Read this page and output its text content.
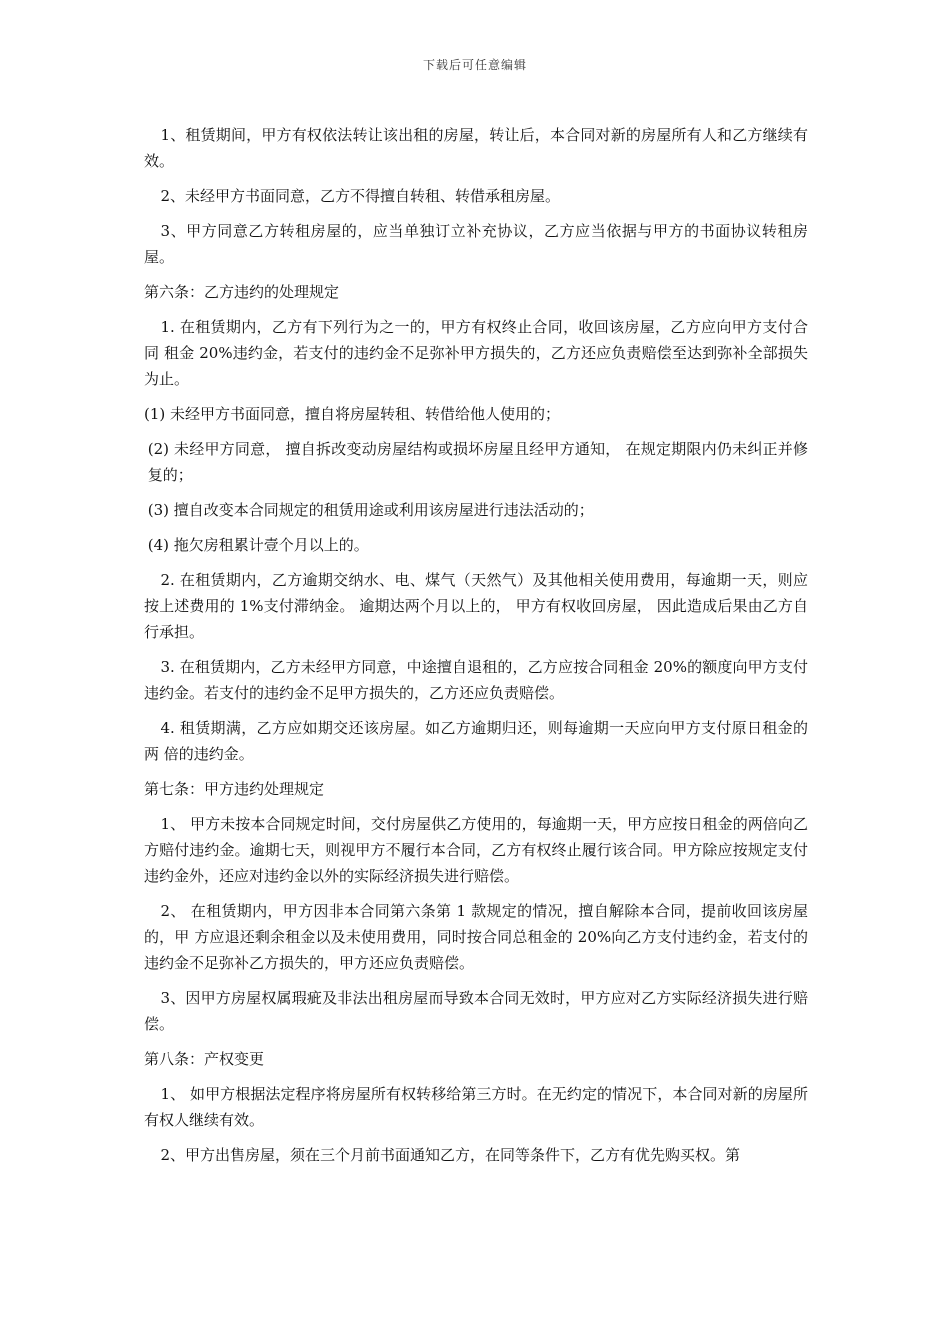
下载后可任意编辑

1、租赁期间，甲方有权依法转让该出租的房屋，转让后，本合同对新的房屋所有人和乙方继续有效。

2、未经甲方书面同意，乙方不得擅自转租、转借承租房屋。

3、甲方同意乙方转租房屋的，应当单独订立补充协议，乙方应当依据与甲方的书面协议转租房屋。

第六条：乙方违约的处理规定

1. 在租赁期内，乙方有下列行为之一的，甲方有权终止合同，收回该房屋，乙方应向甲方支付合同 租金 20%违约金，若支付的违约金不足弥补甲方损失的，乙方还应负责赔偿至达到弥补全部损失为止。

(1) 未经甲方书面同意，擅自将房屋转租、转借给他人使用的；

(2) 未经甲方同意， 擅自拆改变动房屋结构或损坏房屋且经甲方通知， 在规定期限内仍未纠正并修复的；

(3) 擅自改变本合同规定的租赁用途或利用该房屋进行违法活动的；

(4) 拖欠房租累计壹个月以上的。

2. 在租赁期内，乙方逾期交纳水、电、煤气（天然气）及其他相关使用费用，每逾期一天，则应按上述费用的 1%支付滞纳金。 逾期达两个月以上的， 甲方有权收回房屋， 因此造成后果由乙方自行承担。

3. 在租赁期内，乙方未经甲方同意，中途擅自退租的，乙方应按合同租金 20%的额度向甲方支付违约金。若支付的违约金不足甲方损失的，乙方还应负责赔偿。

4. 租赁期满，乙方应如期交还该房屋。如乙方逾期归还，则每逾期一天应向甲方支付原日租金的两 倍的违约金。

第七条：甲方违约处理规定

1、 甲方未按本合同规定时间，交付房屋供乙方使用的，每逾期一天，甲方应按日租金的两倍向乙方赔付违约金。逾期七天，则视甲方不履行本合同，乙方有权终止履行该合同。甲方除应按规定支付违约金外，还应对违约金以外的实际经济损失进行赔偿。

2、 在租赁期内，甲方因非本合同第六条第 1 款规定的情况，擅自解除本合同，提前收回该房屋的，甲 方应退还剩余租金以及未使用费用，同时按合同总租金的 20%向乙方支付违约金，若支付的违约金不足弥补乙方损失的，甲方还应负责赔偿。

3、因甲方房屋权属瑕疵及非法出租房屋而导致本合同无效时，甲方应对乙方实际经济损失进行赔偿。

第八条：产权变更

1、 如甲方根据法定程序将房屋所有权转移给第三方时。在无约定的情况下，本合同对新的房屋所有权人继续有效。

2、甲方出售房屋，须在三个月前书面通知乙方，在同等条件下，乙方有优先购买权。第
